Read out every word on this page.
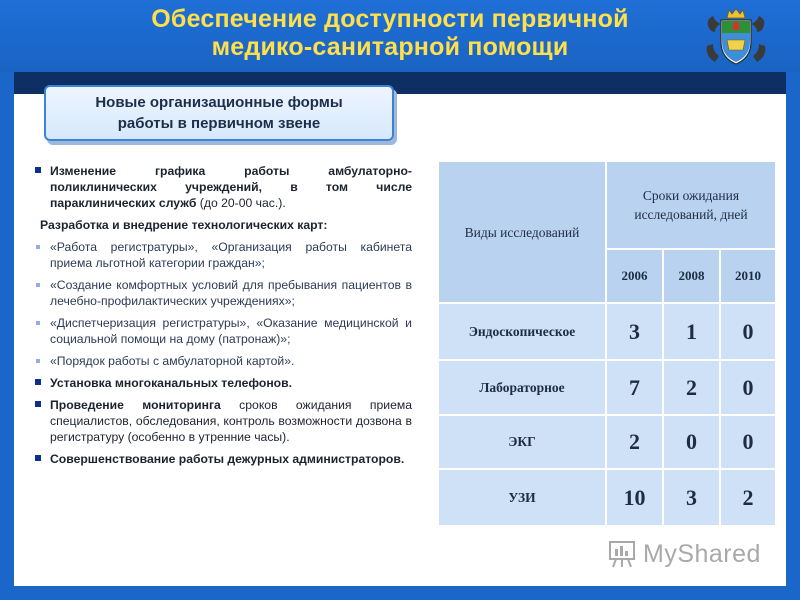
Обеспечение доступности первичной медико-санитарной помощи
Новые организационные формы работы в первичном звене
Изменение графика работы амбулаторно-поликлинических учреждений, в том числе параклинических служб (до 20-00 час.).
Разработка и внедрение технологических карт:
«Работа регистратуры», «Организация работы кабинета приема льготной категории граждан»;
«Создание комфортных условий для пребывания пациентов в лечебно-профилактических учреждениях»;
«Диспетчеризация регистратуры», «Оказание медицинской и социальной помощи на дому (патронаж)»;
«Порядок работы с амбулаторной картой».
Установка многоканальных телефонов.
Проведение мониторинга сроков ожидания приема специалистов, обследования, контроль возможности дозвона в регистратуру (особенно в утренние часы).
Совершенствование работы дежурных администраторов.
Виды исследований	Сроки ожидания исследований, дней		
	2006	2008	2010
Эндоскопическое	3	1	0
Лабораторное	7	2	0
ЭКГ	2	0	0
УЗИ	10	3	2
MyShared
